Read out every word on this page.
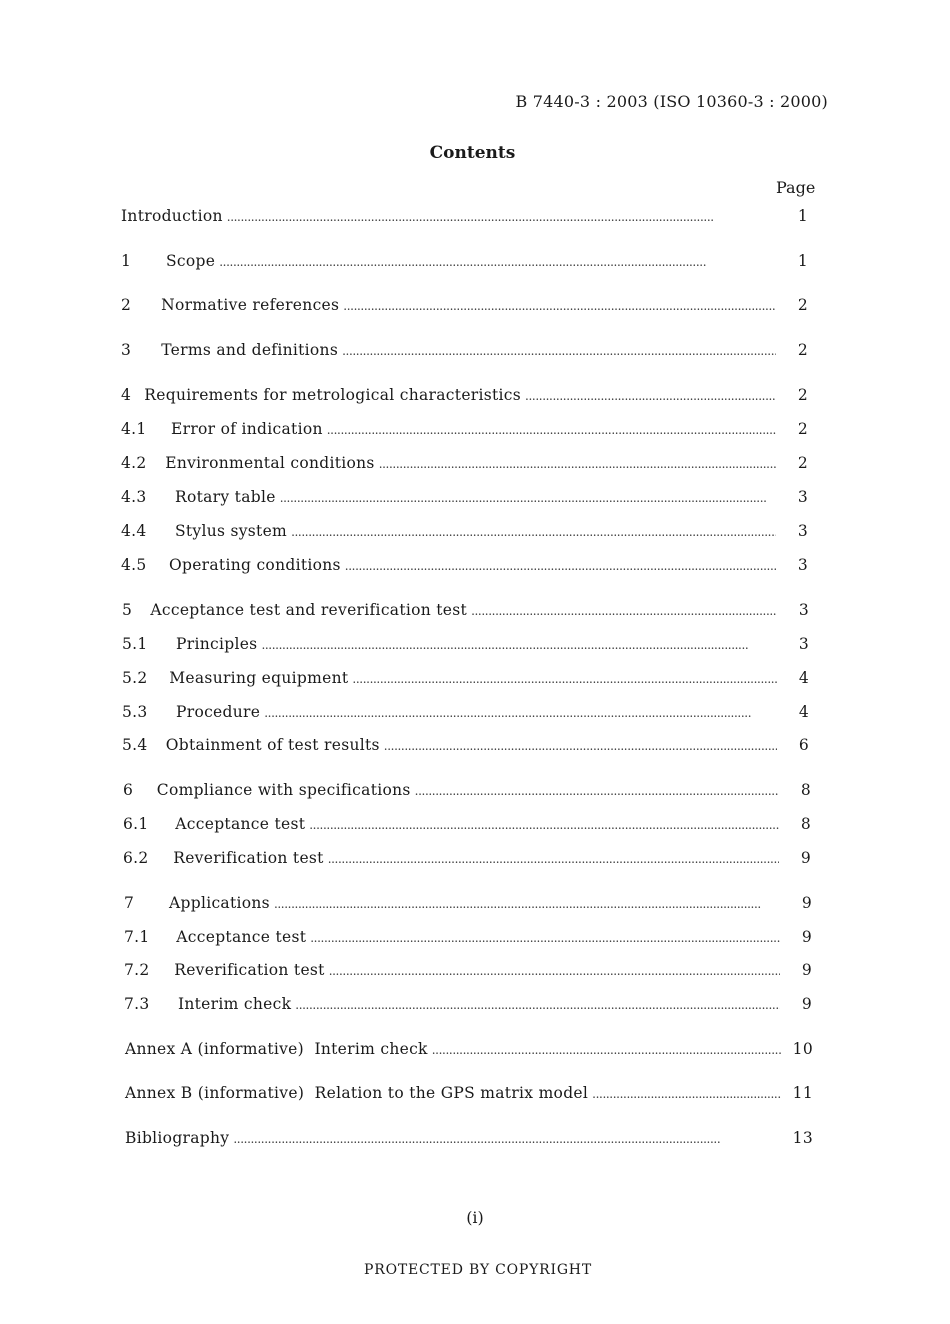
B 7440-3 : 2003 (ISO 10360-3 : 2000)
Contents
Page
Introduction . . .	1
1	Scope . . .	1
2	Normative references . . .	2
3	Terms and definitions . . .	2
4 Requirements for metrological characteristics . . .	2
4.1	Error of indication . . .	2
4.2	Environmental conditions . . .	2
4.3	Rotary table . . .	3
4.4	Stylus system . . .	3
4.5	Operating conditions . . .	3
5	Acceptance test and reverification test . . .	3
5.1	Principles . . .	3
5.2	Measuring equipment . . .	4
5.3	Procedure . . .	4
5.4	Obtainment of test results . . .	6
6	Compliance with specifications . . .	8
6.1	Acceptance test . . .	8
6.2	Reverification test . . .	9
7	Applications . . .	9
7.1	Acceptance test . . .	9
7.2	Reverification test . . .	9
7.3	Interim check . . .	9
Annex A (informative)  Interim check . . .	10
Annex B (informative)  Relation to the GPS matrix model . . .	11
Bibliography . . .	13
(i)
PROTECTED BY COPYRIGHT
